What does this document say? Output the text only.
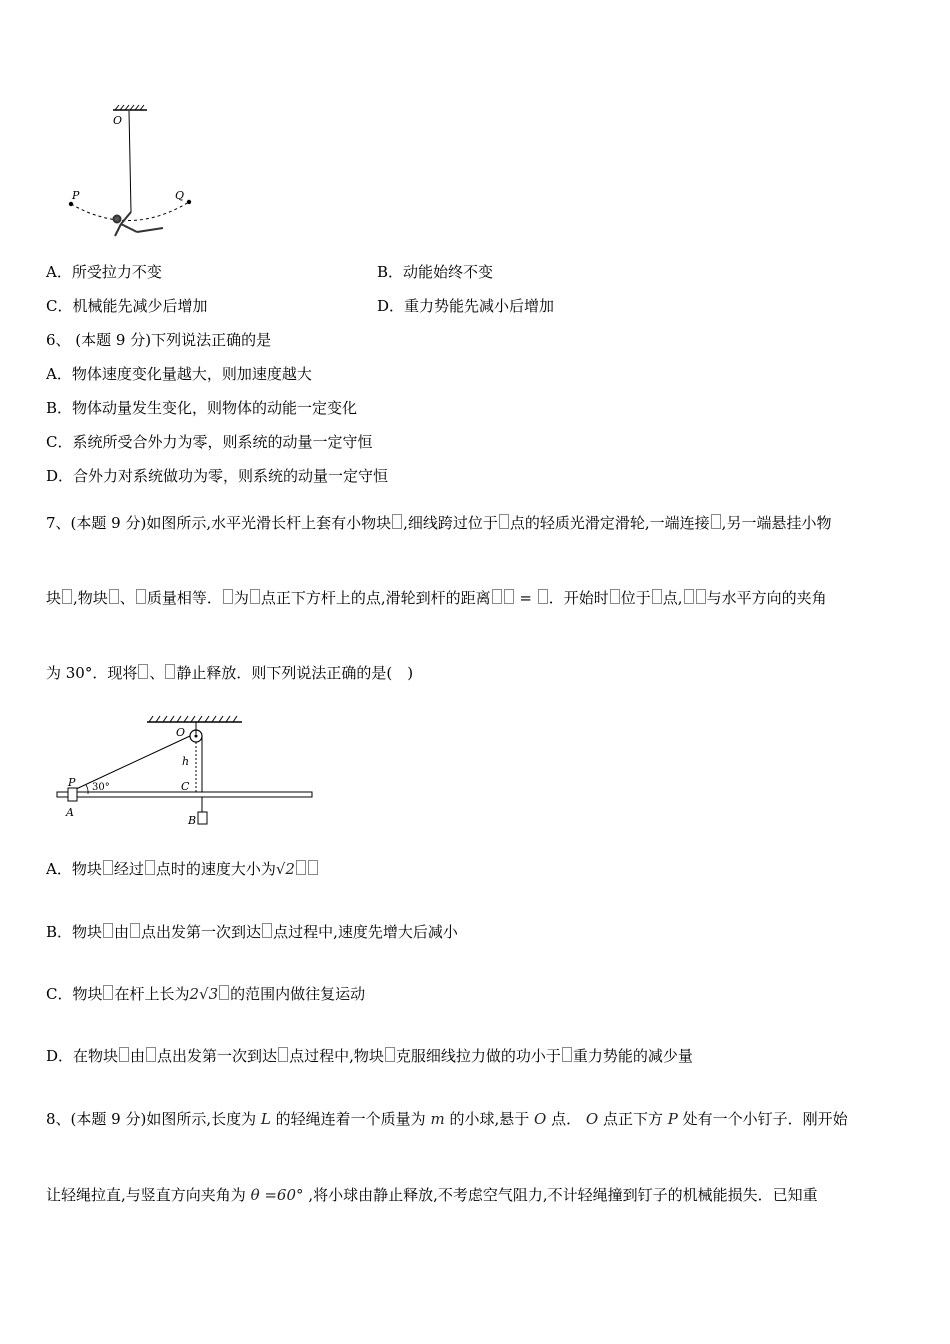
O
P	Q
A．所受拉力不变	B．动能始终不变
C．机械能先减少后增加	D．重力势能先减小后增加
6、 (本题 9 分)下列说法正确的是
A．物体速度变化量越大，则加速度越大
B．物体动量发生变化，则物体的动能一定变化
C．系统所受合外力为零，则系统的动量一定守恒
D．合外力对系统做功为零，则系统的动量一定守恒
7、(本题 9 分)如图所示,水平光滑长杆上套有小物块 ,细线跨过位于 点的轻质光滑定滑轮,一端连接 ,另一端悬挂小物
块 ,物块 、 质量相等． 为 点正下方杆上的点,滑轮到杆的距离 = ．开始时 位于 点, 与水平方向的夹角
为 30°．现将 、 静止释放．则下列说法正确的是(　)
O
h
P 30°	C
A
B
A．物块 经过 点时的速度大小为√2
B．物块 由 点出发第一次到达 点过程中,速度先增大后减小
C．物块 在杆上长为2√3 的范围内做往复运动
D．在物块 由 点出发第一次到达 点过程中,物块 克服细线拉力做的功小于 重力势能的减少量
8、(本题 9 分)如图所示,长度为 L 的轻绳连着一个质量为 m 的小球,悬于 O 点． O 点正下方 P 处有一个小钉子．刚开始
让轻绳拉直,与竖直方向夹角为 θ =60° ,将小球由静止释放,不考虑空气阻力,不计轻绳撞到钉子的机械能损失．已知重
